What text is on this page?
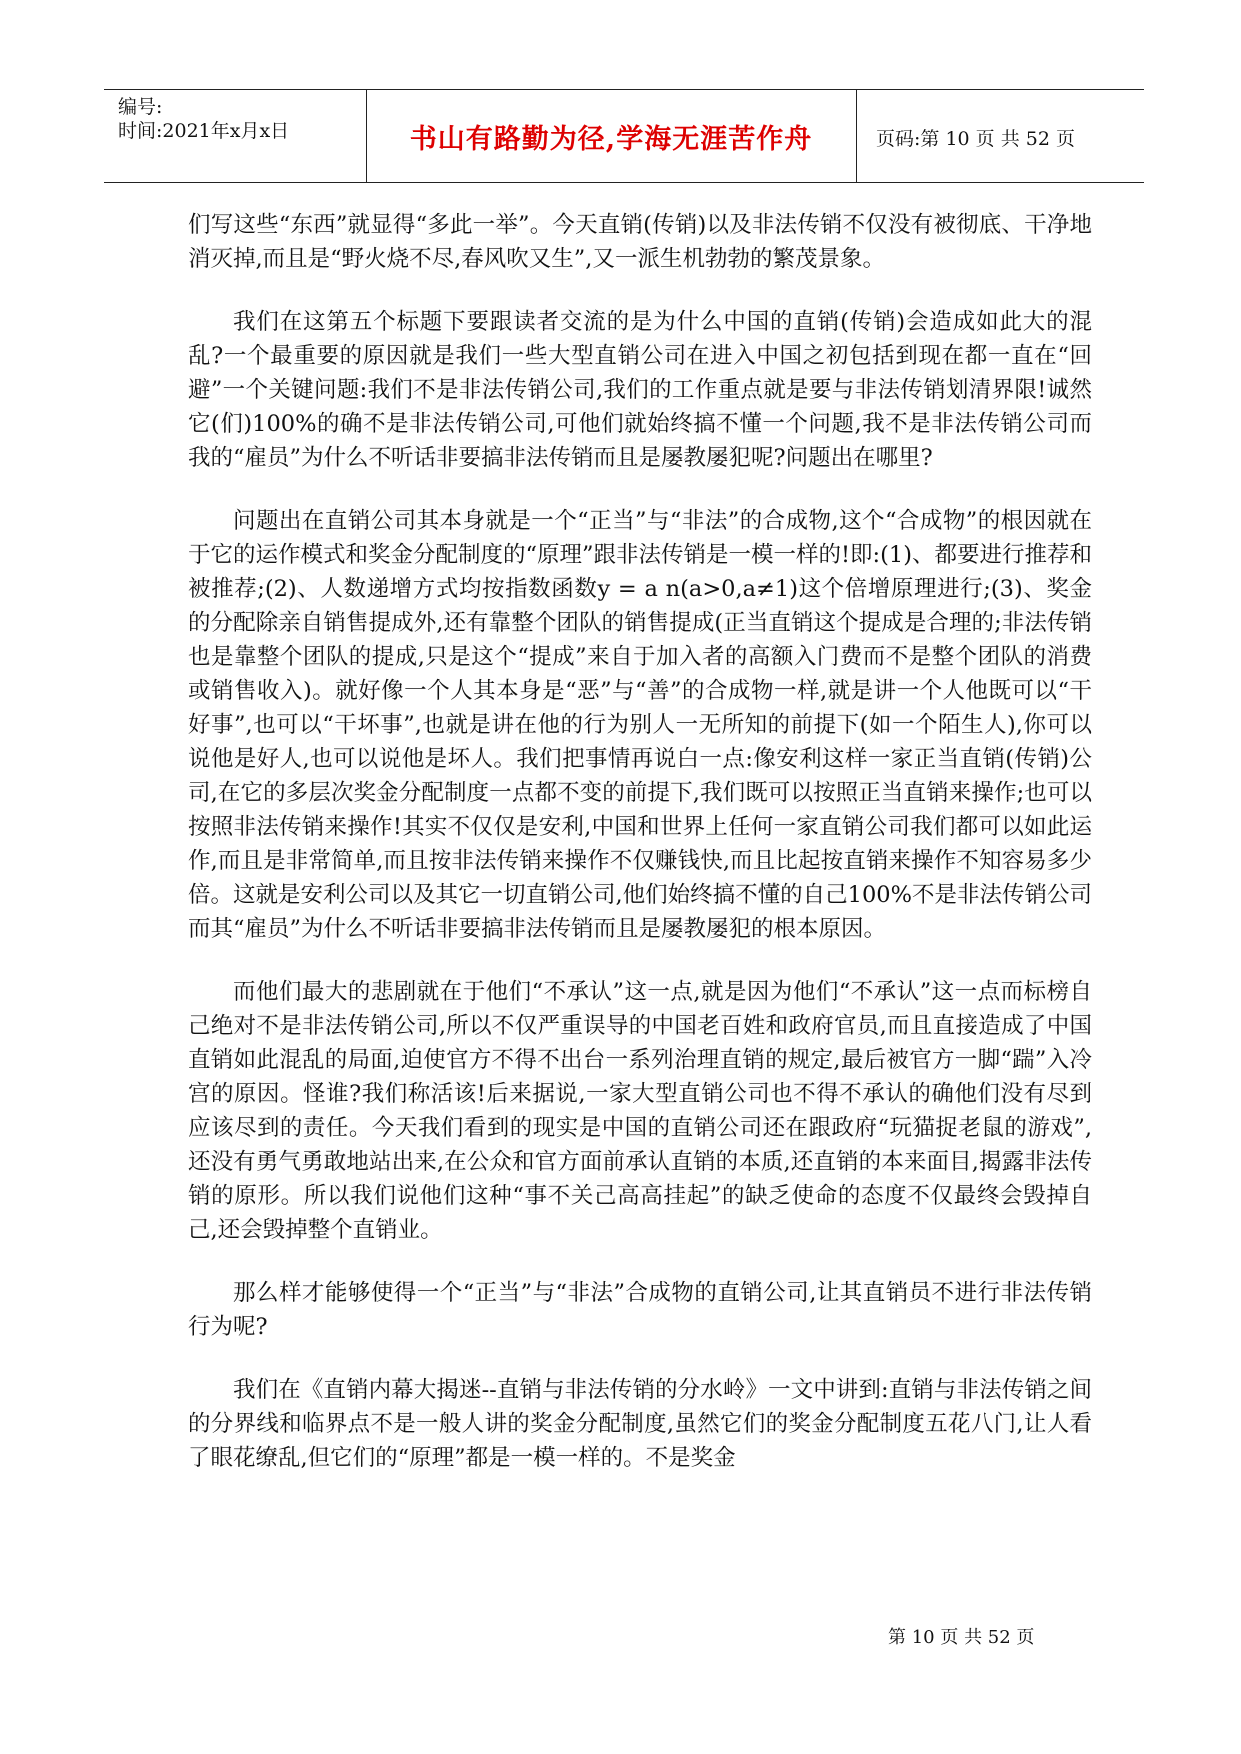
编号:
时间:2021年x月x日	书山有路勤为径,学海无涯苦作舟	页码:第 10 页 共 52 页

们写这些“东西”就显得“多此一举”。今天直销(传销)以及非法传销不仅没有被彻底、干净地消灭掉,而且是“野火烧不尽,春风吹又生”,又一派生机勃勃的繁茂景象。

我们在这第五个标题下要跟读者交流的是为什么中国的直销(传销)会造成如此大的混乱?一个最重要的原因就是我们一些大型直销公司在进入中国之初包括到现在都一直在“回避”一个关键问题:我们不是非法传销公司,我们的工作重点就是要与非法传销划清界限!诚然它(们)100%的确不是非法传销公司,可他们就始终搞不懂一个问题,我不是非法传销公司而我的“雇员”为什么不听话非要搞非法传销而且是屡教屡犯呢?问题出在哪里?

问题出在直销公司其本身就是一个“正当”与“非法”的合成物,这个“合成物”的根因就在于它的运作模式和奖金分配制度的“原理”跟非法传销是一模一样的!即:(1)、都要进行推荐和被推荐;(2)、人数递增方式均按指数函数y = a n(a>0,a≠1)这个倍增原理进行;(3)、奖金的分配除亲自销售提成外,还有靠整个团队的销售提成(正当直销这个提成是合理的;非法传销也是靠整个团队的提成,只是这个“提成”来自于加入者的高额入门费而不是整个团队的消费或销售收入)。就好像一个人其本身是“恶”与“善”的合成物一样,就是讲一个人他既可以“干好事”,也可以“干坏事”,也就是讲在他的行为别人一无所知的前提下(如一个陌生人),你可以说他是好人,也可以说他是坏人。我们把事情再说白一点:像安利这样一家正当直销(传销)公司,在它的多层次奖金分配制度一点都不变的前提下,我们既可以按照正当直销来操作;也可以按照非法传销来操作!其实不仅仅是安利,中国和世界上任何一家直销公司我们都可以如此运作,而且是非常简单,而且按非法传销来操作不仅赚钱快,而且比起按直销来操作不知容易多少倍。这就是安利公司以及其它一切直销公司,他们始终搞不懂的自己100%不是非法传销公司而其“雇员”为什么不听话非要搞非法传销而且是屡教屡犯的根本原因。

而他们最大的悲剧就在于他们“不承认”这一点,就是因为他们“不承认”这一点而标榜自己绝对不是非法传销公司,所以不仅严重误导的中国老百姓和政府官员,而且直接造成了中国直销如此混乱的局面,迫使官方不得不出台一系列治理直销的规定,最后被官方一脚“踹”入冷宫的原因。怪谁?我们称活该!后来据说,一家大型直销公司也不得不承认的确他们没有尽到应该尽到的责任。今天我们看到的现实是中国的直销公司还在跟政府“玩猫捉老鼠的游戏”,还没有勇气勇敢地站出来,在公众和官方面前承认直销的本质,还直销的本来面目,揭露非法传销的原形。所以我们说他们这种“事不关己高高挂起”的缺乏使命的态度不仅最终会毁掉自己,还会毁掉整个直销业。

那么样才能够使得一个“正当”与“非法”合成物的直销公司,让其直销员不进行非法传销行为呢?

我们在《直销内幕大揭迷--直销与非法传销的分水岭》一文中讲到:直销与非法传销之间的分界线和临界点不是一般人讲的奖金分配制度,虽然它们的奖金分配制度五花八门,让人看了眼花缭乱,但它们的“原理”都是一模一样的。不是奖金

第 10 页 共 52 页
